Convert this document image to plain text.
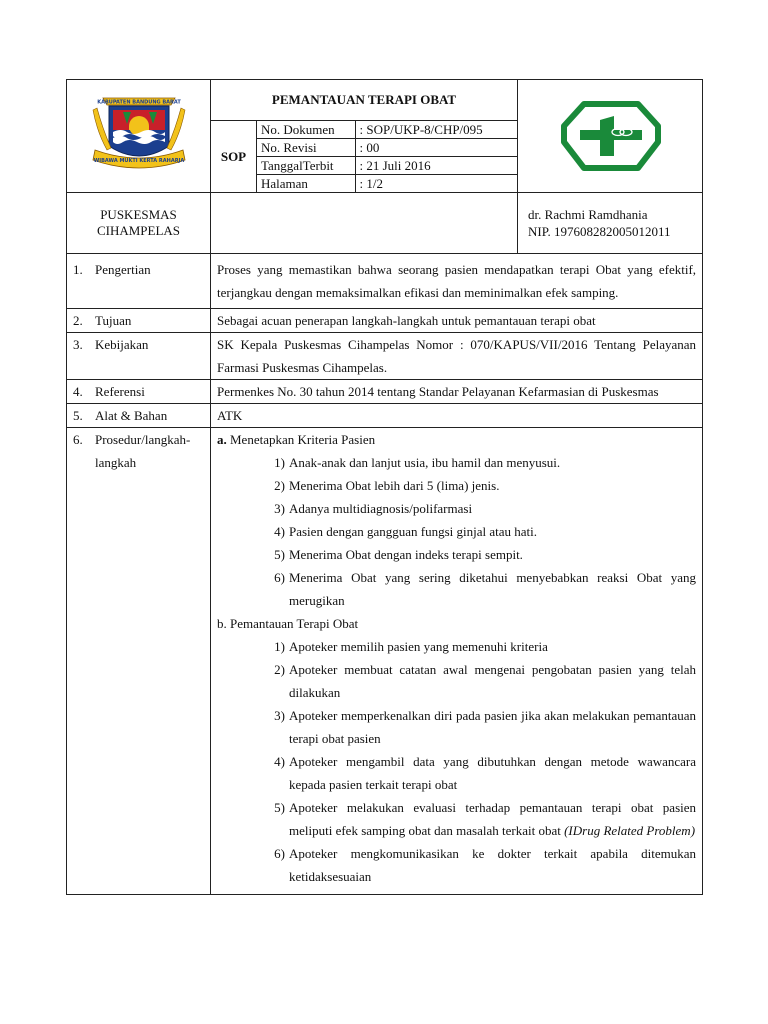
KABUPATEN BANDUNG BARAT
WIBAWA MUKTI KERTA RAHARJA
	PEMANTAUAN TERAPI OBAT	
SOP	
No. Dokumen	: SOP/UKP-8/CHP/095
No. Revisi	: 00
TanggalTerbit	: 21 Juli 2016
Halaman	: 1/2

PUSKESMAS
CIHAMPELAS

dr. Rachmi Ramdhania
NIP. 197608282005012011

1. Pengertian	Proses yang memastikan bahwa seorang pasien mendapatkan terapi Obat yang efektif, terjangkau dengan memaksimalkan efikasi dan meminimalkan efek samping.
2. Tujuan	Sebagai acuan penerapan langkah-langkah untuk pemantauan terapi obat
3. Kebijakan	SK Kepala Puskesmas Cihampelas Nomor : 070/KAPUS/VII/2016 Tentang Pelayanan Farmasi Puskesmas Cihampelas.
4. Referensi	Permenkes No. 30 tahun 2014 tentang Standar Pelayanan Kefarmasian di Puskesmas
5. Alat & Bahan	ATK
6. Prosedur/langkah-
langkah	

a. Menetapkan Kriteria Pasien

1) Anak-anak dan lanjut usia, ibu hamil dan menyusui.
2) Menerima Obat lebih dari 5 (lima) jenis.
3) Adanya multidiagnosis/polifarmasi
4) Pasien dengan gangguan fungsi ginjal atau hati.
5) Menerima Obat dengan indeks terapi sempit.
6) Menerima Obat yang sering diketahui menyebabkan reaksi Obat yang merugikan

b. Pemantauan Terapi Obat

1) Apoteker memilih pasien yang memenuhi kriteria
2) Apoteker membuat catatan awal mengenai pengobatan pasien yang telah dilakukan
3) Apoteker memperkenalkan diri pada pasien jika akan melakukan pemantauan terapi obat pasien
4) Apoteker mengambil data yang dibutuhkan dengan metode wawancara kepada pasien terkait terapi obat
5) Apoteker melakukan evaluasi terhadap pemantauan terapi obat pasien meliputi efek samping obat dan masalah terkait obat (IDrug Related Problem)
6) Apoteker mengkomunikasikan ke dokter terkait apabila ditemukan ketidaksesuaian
